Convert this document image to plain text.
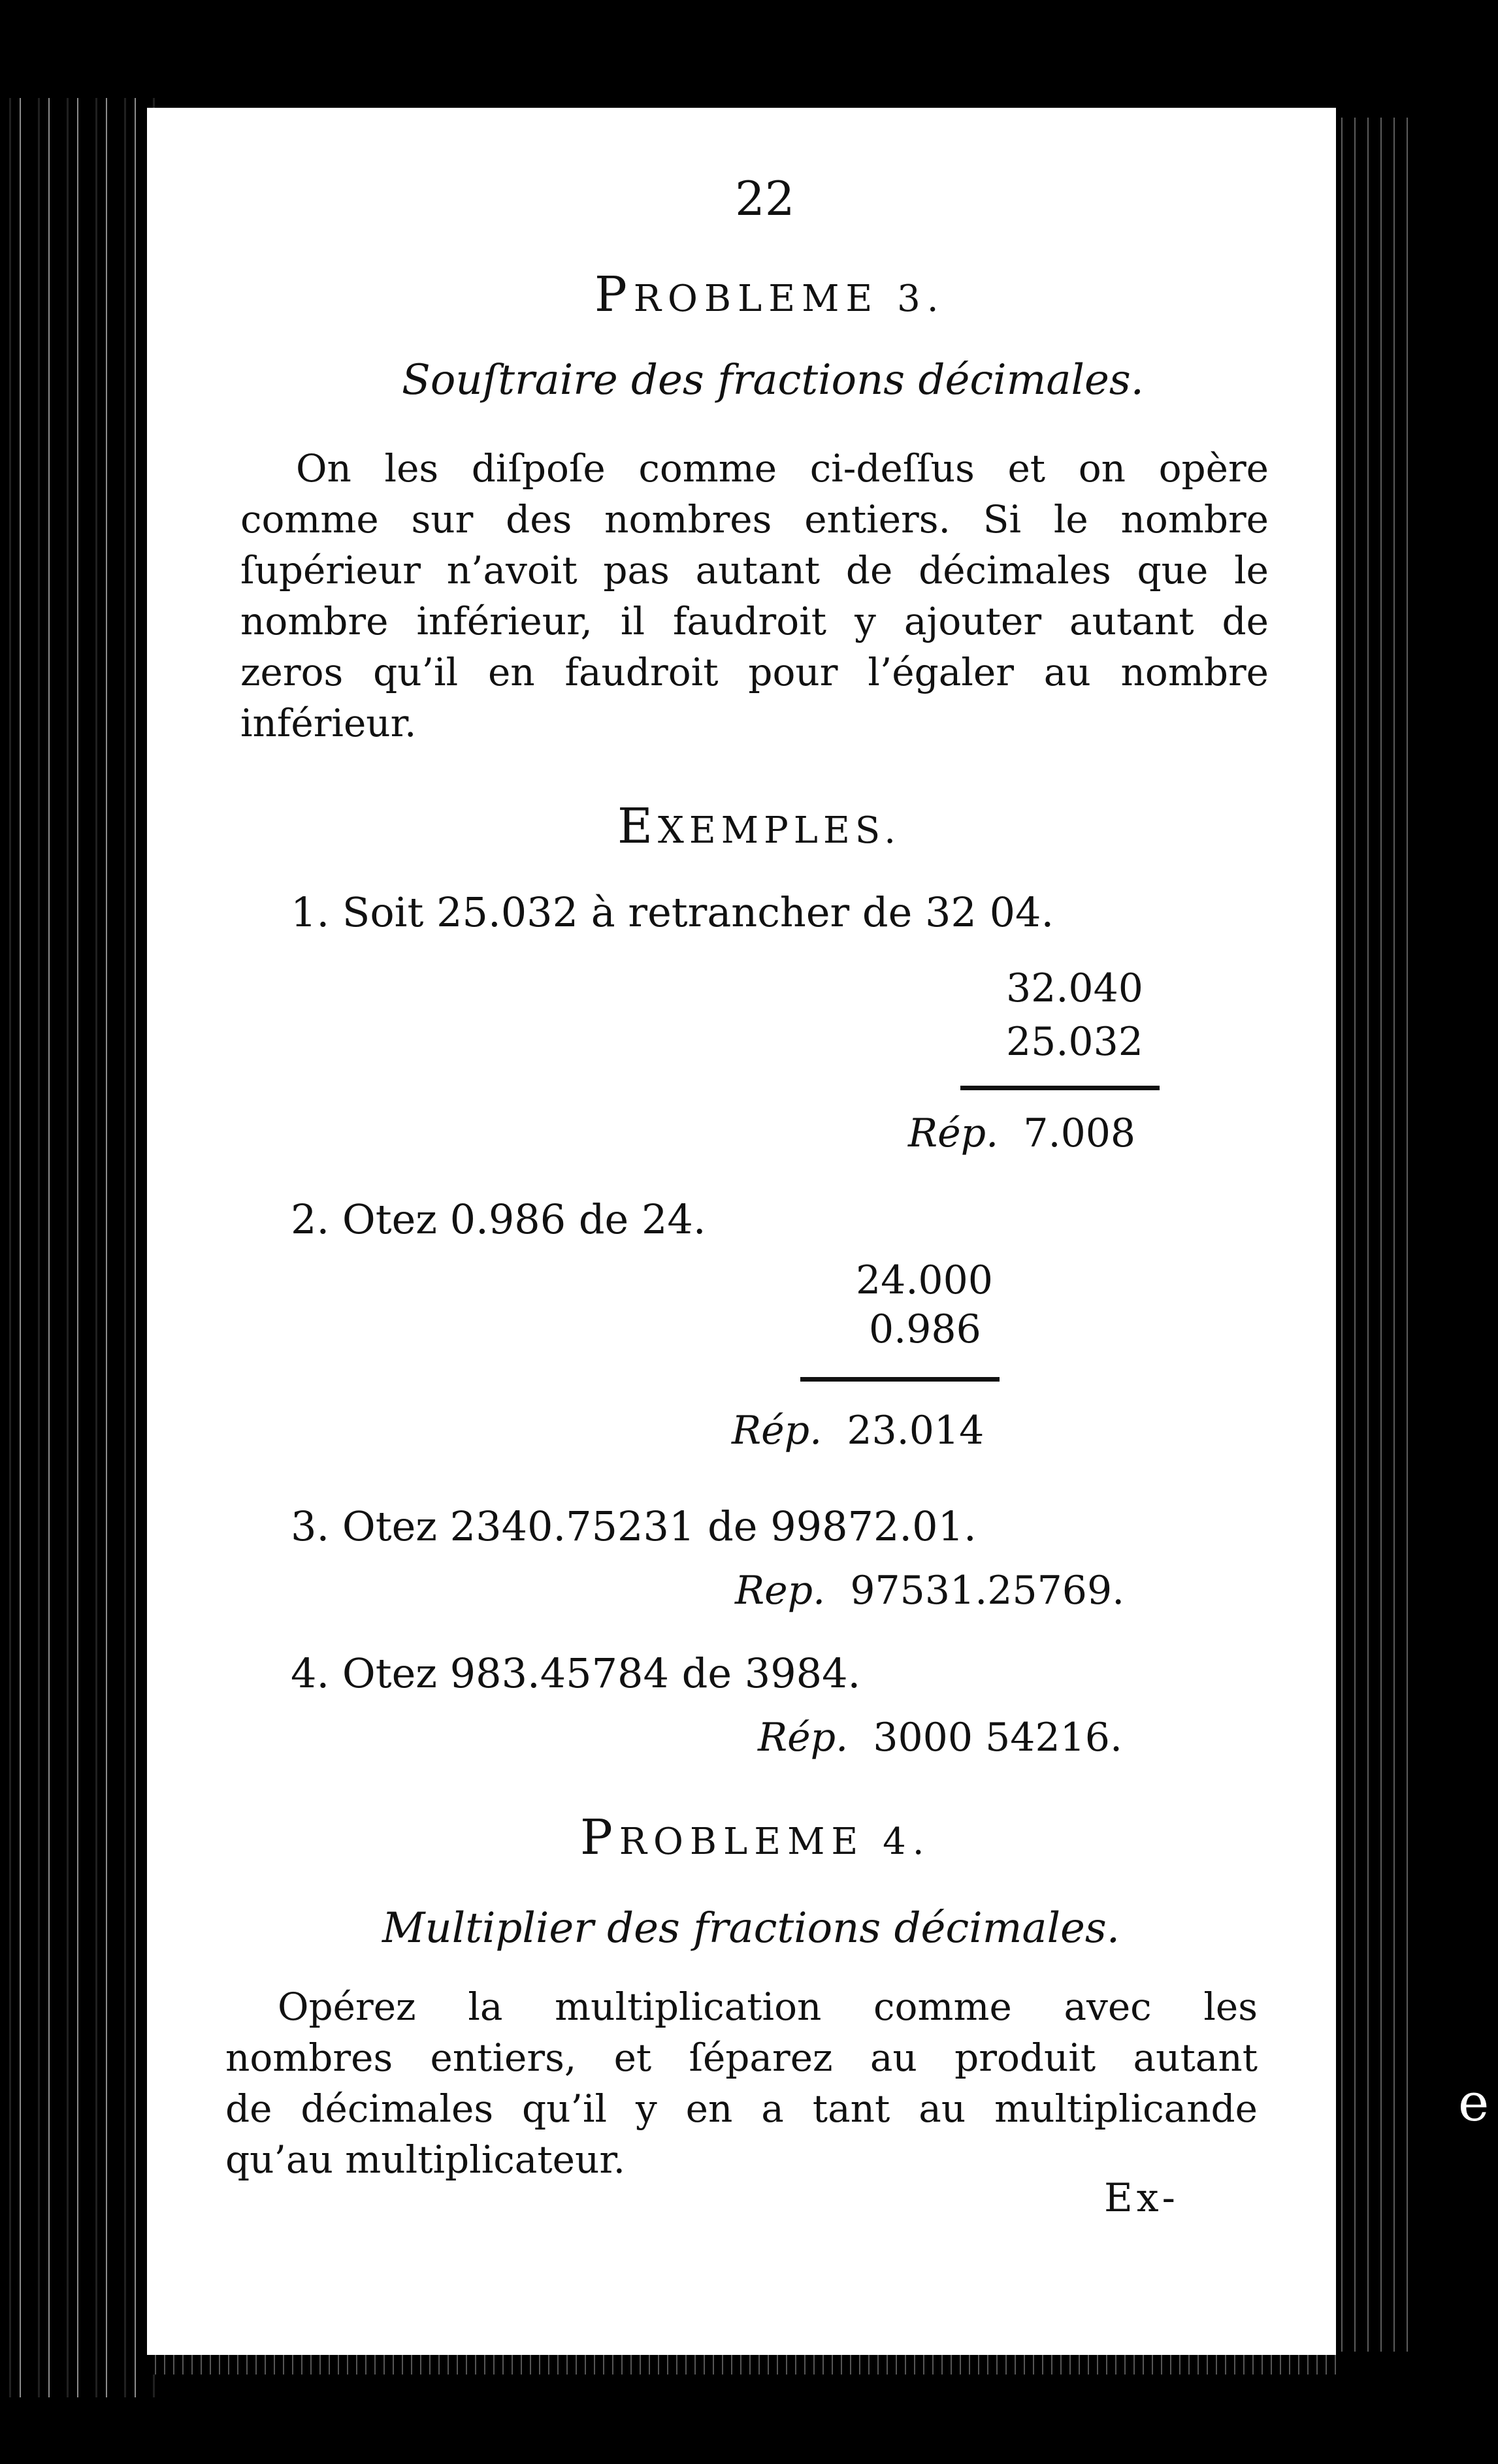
e
22
PROBLEME 3.
Souſtraire des fractions décimales.
On les diſpoſe comme ci-deſſus et on opère
comme sur des nombres entiers. Si le nombre
ſupérieur n’avoit pas autant de décimales que le
nombre inférieur, il faudroit y ajouter autant de
zeros qu’il en faudroit pour l’égaler au nombre
inférieur.
EXEMPLES.
1. Soit 25.032 à retrancher de 32 04.
32.040
25.032
Rép. 7.008
2. Otez 0.986 de 24.
24.000
0.986
Rép. 23.014
3. Otez 2340.75231 de 99872.01.
Rep. 97531.25769.
4. Otez 983.45784 de 3984.
Rép. 3000 54216.
PROBLEME 4.
Multiplier des fractions décimales.
Opérez la multiplication comme avec les
nombres entiers, et ſéparez au produit autant
de décimales qu’il y en a tant au multiplicande
qu’au multiplicateur.
Ex-
